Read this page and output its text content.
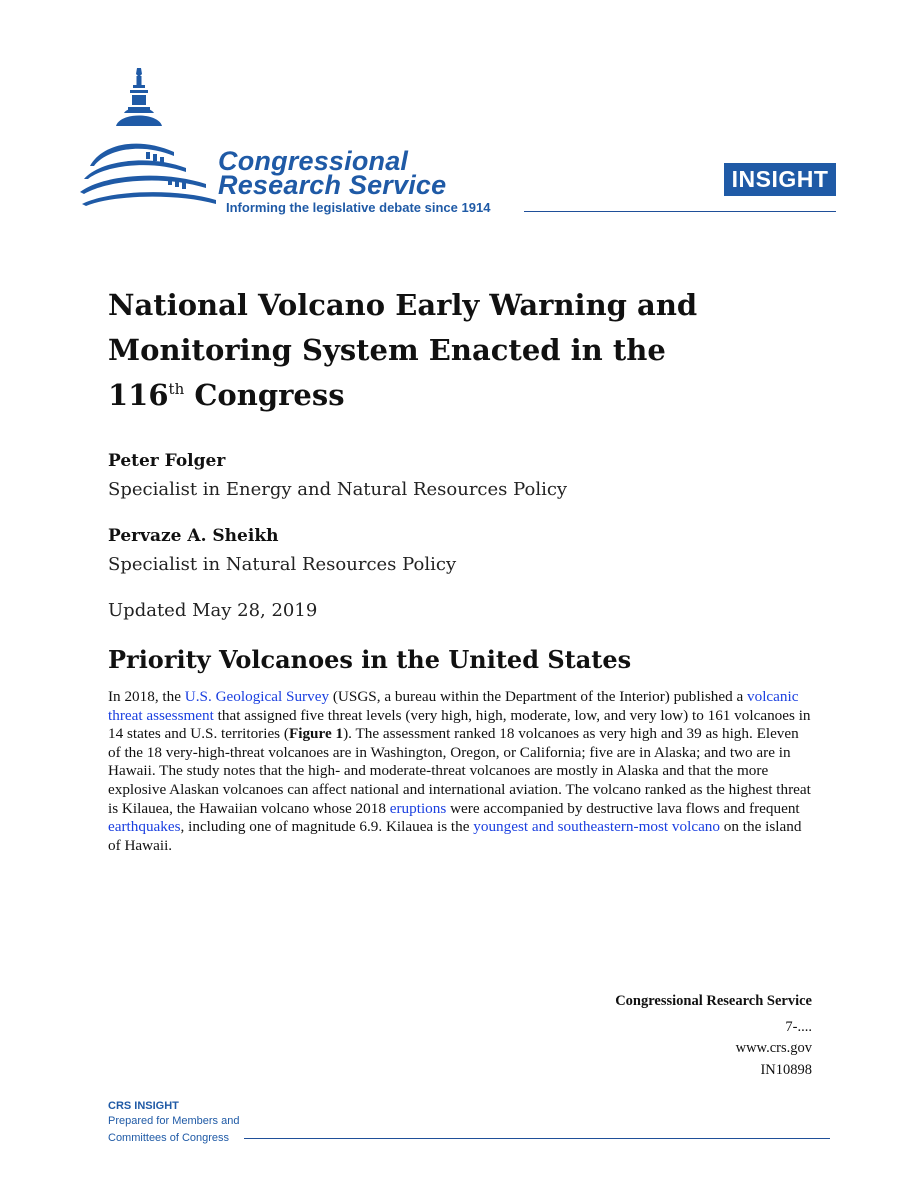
Congressional
Research Service
Informing the legislative debate since 1914
INSIGHT
National Volcano Early Warning and
Monitoring System Enacted in the
116th Congress
Peter Folger
Specialist in Energy and Natural Resources Policy
Pervaze A. Sheikh
Specialist in Natural Resources Policy
Updated May 28, 2019
Priority Volcanoes in the United States

In 2018, the U.S. Geological Survey (USGS, a bureau within the Department of the Interior) published a volcanic threat assessment that assigned five threat levels (very high, high, moderate, low, and very low) to 161 volcanoes in 14 states and U.S. territories (Figure 1). The assessment ranked 18 volcanoes as very high and 39 as high. Eleven of the 18 very-high-threat volcanoes are in Washington, Oregon, or California; five are in Alaska; and two are in Hawaii. The study notes that the high- and moderate-threat volcanoes are mostly in Alaska and that the more explosive Alaskan volcanoes can affect national and international aviation. The volcano ranked as the highest threat is Kilauea, the Hawaiian volcano whose 2018 eruptions were accompanied by destructive lava flows and frequent earthquakes, including one of magnitude 6.9. Kilauea is the youngest and southeastern-most volcano on the island of Hawaii.

Congressional Research Service
7-....
www.crs.gov
IN10898
CRS INSIGHT
Prepared for Members and
Committees of Congress
